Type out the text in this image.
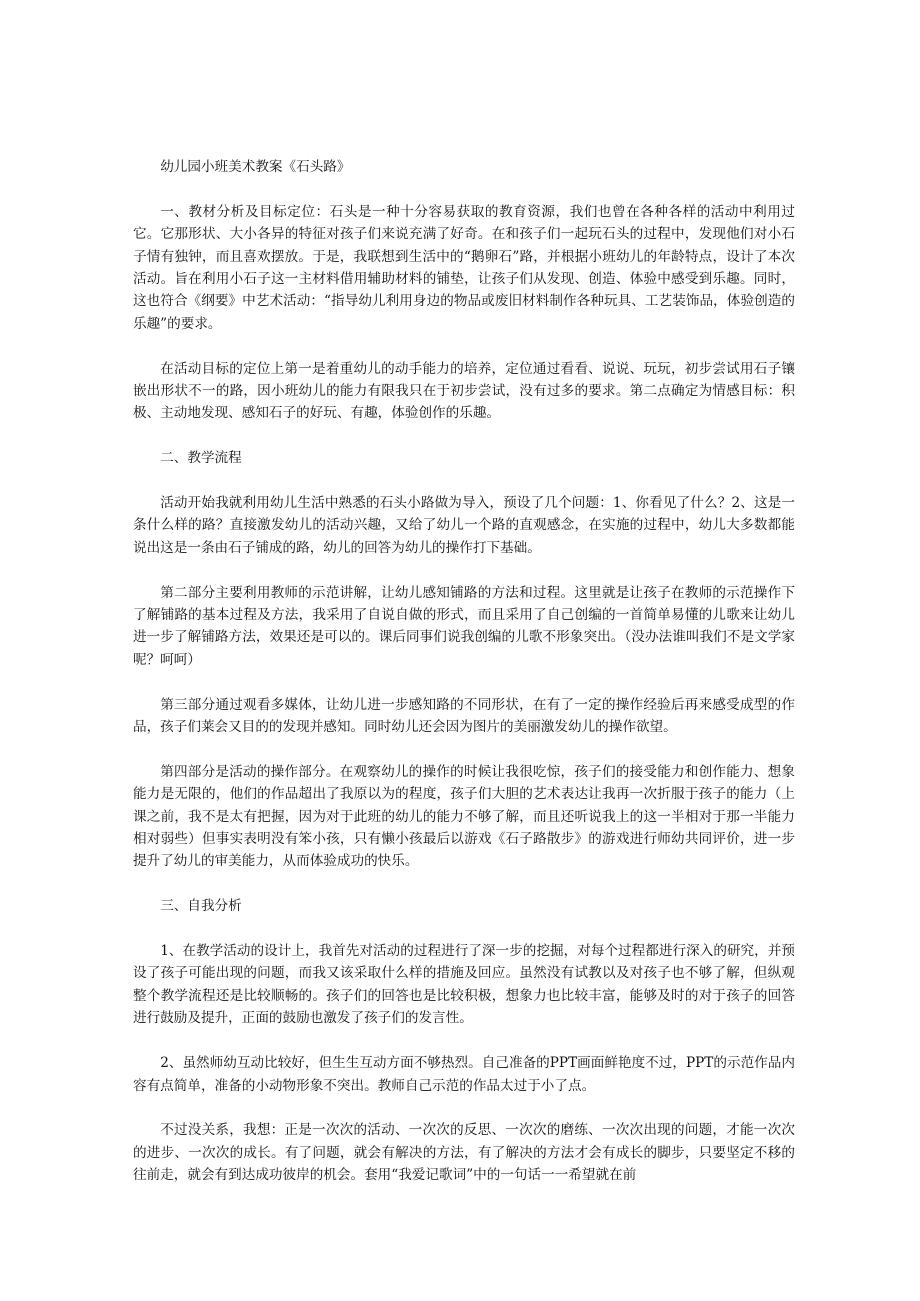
幼儿园小班美术教案《石头路》

一、教材分析及目标定位：石头是一种十分容易获取的教育资源，我们也曾在各种各样的活动中利用过它。它那形状、大小各异的特征对孩子们来说充满了好奇。在和孩子们一起玩石头的过程中，发现他们对小石子情有独钟，而且喜欢摆放。于是，我联想到生活中的“鹅卵石”路，并根据小班幼儿的年龄特点，设计了本次活动。旨在利用小石子这一主材料借用辅助材料的铺垫，让孩子们从发现、创造、体验中感受到乐趣。同时，这也符合《纲要》中艺术活动：“指导幼儿利用身边的物品或废旧材料制作各种玩具、工艺装饰品，体验创造的乐趣”的要求。

在活动目标的定位上第一是着重幼儿的动手能力的培养，定位通过看看、说说、玩玩，初步尝试用石子镶嵌出形状不一的路，因小班幼儿的能力有限我只在于初步尝试，没有过多的要求。第二点确定为情感目标：积极、主动地发现、感知石子的好玩、有趣，体验创作的乐趣。

二、教学流程

活动开始我就利用幼儿生活中熟悉的石头小路做为导入，预设了几个问题：1、你看见了什么？2、这是一条什么样的路？直接激发幼儿的活动兴趣，又给了幼儿一个路的直观感念，在实施的过程中，幼儿大多数都能说出这是一条由石子铺成的路，幼儿的回答为幼儿的操作打下基础。

第二部分主要利用教师的示范讲解，让幼儿感知铺路的方法和过程。这里就是让孩子在教师的示范操作下了解铺路的基本过程及方法，我采用了自说自做的形式，而且采用了自己创编的一首简单易懂的儿歌来让幼儿进一步了解铺路方法，效果还是可以的。课后同事们说我创编的儿歌不形象突出。（没办法谁叫我们不是文学家呢？呵呵）

第三部分通过观看多媒体，让幼儿进一步感知路的不同形状，在有了一定的操作经验后再来感受成型的作品，孩子们莱会又目的的发现并感知。同时幼儿还会因为图片的美丽激发幼儿的操作欲望。

第四部分是活动的操作部分。在观察幼儿的操作的时候让我很吃惊，孩子们的接受能力和创作能力、想象能力是无限的，他们的作品超出了我原以为的程度，孩子们大胆的艺术表达让我再一次折服于孩子的能力（上课之前，我不是太有把握，因为对于此班的幼儿的能力不够了解，而且还听说我上的这一半相对于那一半能力相对弱些）但事实表明没有笨小孩，只有懒小孩最后以游戏《石子路散步》的游戏进行师幼共同评价，进一步提升了幼儿的审美能力，从而体验成功的快乐。

三、自我分析

1、在教学活动的设计上，我首先对活动的过程进行了深一步的挖掘，对每个过程都进行深入的研究，并预设了孩子可能出现的问题，而我又该采取什么样的措施及回应。虽然没有试教以及对孩子也不够了解，但纵观整个教学流程还是比较顺畅的。孩子们的回答也是比较积极，想象力也比较丰富，能够及时的对于孩子的回答进行鼓励及提升，正面的鼓励也激发了孩子们的发言性。

2、虽然师幼互动比较好，但生生互动方面不够热烈。自己准备的PPT画面鲜艳度不过，PPT的示范作品内容有点简单，准备的小动物形象不突出。教师自己示范的作品太过于小了点。

不过没关系，我想：正是一次次的活动、一次次的反思、一次次的磨练、一次次出现的问题，才能一次次的进步、一次次的成长。有了问题，就会有解决的方法，有了解决的方法才会有成长的脚步，只要坚定不移的往前走，就会有到达成功彼岸的机会。套用“我爱记歌词”中的一句话一一希望就在前
